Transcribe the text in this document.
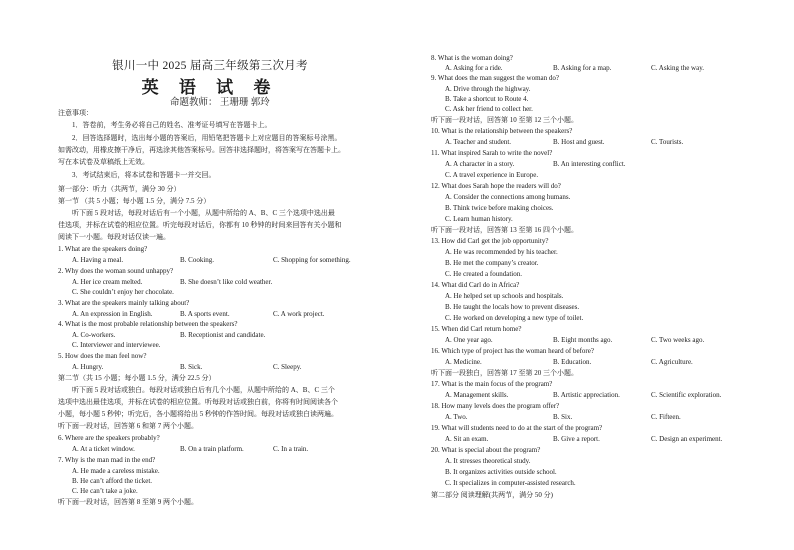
银川一中 2025 届高三年级第三次月考
英 语 试 卷
命题教师： 王珊珊 郭玲
注意事项：
1．答卷前，考生务必将自己的姓名、准考证号填写在答题卡上。
2．回答选择题时，选出每小题的答案后，用铅笔把答题卡上对应题目的答案标号涂黑。
如需改动，用橡皮擦干净后，再选涂其他答案标号。回答非选择题时，将答案写在答题卡上。
写在本试卷及草稿纸上无效。
3．考试结束后，将本试卷和答题卡一并交回。
第一部分：听力（共两节，满分 30 分）
第一节 （共 5 小题；每小题 1.5 分，满分 7.5 分）
听下面 5 段对话，每段对话后有一个小题，从题中所给的 A、B、C 三个选项中选出最
佳选项，并标在试卷的相应位置。听完每段对话后，你都有 10 秒钟的时间来回答有关小题和
阅读下一小题。每段对话仅读一遍。
1. What are the speakers doing?
A. Having a meal.	B. Cooking.	C. Shopping for something.
2. Why does the woman sound unhappy?
A. Her ice cream melted.	B. She doesn’t like cold weather.
C. She couldn’t enjoy her chocolate.
3. What are the speakers mainly talking about?
A. An expression in English.	B. A sports event.	C. A work project.
4. What is the most probable relationship between the speakers?
A. Co-workers.	B. Receptionist and candidate.
C. Interviewer and interviewee.
5. How does the man feel now?
A. Hungry.	B. Sick.	C. Sleepy.
第二节（共 15 小题；每小题 1.5 分，满分 22.5 分）
听下面 5 段对话或独白。每段对话或独白后有几个小题，从题中所给的 A、B、C 三个
选项中选出最佳选项，并标在试卷的相应位置。听每段对话或独白前，你将有时间阅读各个
小题，每小题 5 秒钟；听完后，各小题将给出 5 秒钟的作答时间。每段对话或独白读两遍。
听下面一段对话，回答第 6 和第 7 两个小题。
6. Where are the speakers probably?
A. At a ticket window.	B. On a train platform.	C. In a train.
7. Why is the man mad in the end?
A. He made a careless mistake.
B. He can’t afford the ticket.
C. He can’t take a joke.
听下面一段对话，回答第 8 至第 9 两个小题。
8. What is the woman doing?
A. Asking for a ride.	B. Asking for a map.	C. Asking the way.
9. What does the man suggest the woman do?
A. Drive through the highway.
B. Take a shortcut to Route 4.
C. Ask her friend to collect her.
听下面一段对话，回答第 10 至第 12 三个小题。
10. What is the relationship between the speakers?
A. Teacher and student.	B. Host and guest.	C. Tourists.
11. What inspired Sarah to write the novel?
A. A character in a story.	B. An interesting conflict.
C. A travel experience in Europe.
12. What does Sarah hope the readers will do?
A. Consider the connections among humans.
B. Think twice before making choices.
C. Learn human history.
听下面一段对话，回答第 13 至第 16 四个小题。
13. How did Carl get the job opportunity?
A. He was recommended by his teacher.
B. He met the company’s creator.
C. He created a foundation.
14. What did Carl do in Africa?
A. He helped set up schools and hospitals.
B. He taught the locals how to prevent diseases.
C. He worked on developing a new type of toilet.
15. When did Carl return home?
A. One year ago.	B. Eight months ago.	C. Two weeks ago.
16. Which type of project has the woman heard of before?
A. Medicine.	B. Education.	C. Agriculture.
听下面一段独白，回答第 17 至第 20 三个小题。
17. What is the main focus of the program?
A. Management skills.	B. Artistic appreciation.	C. Scientific exploration.
18. How many levels does the program offer?
A. Two.	B. Six.	C. Fifteen.
19. What will students need to do at the start of the program?
A. Sit an exam.	B. Give a report.	C. Design an experiment.
20. What is special about the program?
A. It stresses theoretical study.
B. It organizes activities outside school.
C. It specializes in computer-assisted research.
第二部分 阅读理解(共两节，满分 50 分)
